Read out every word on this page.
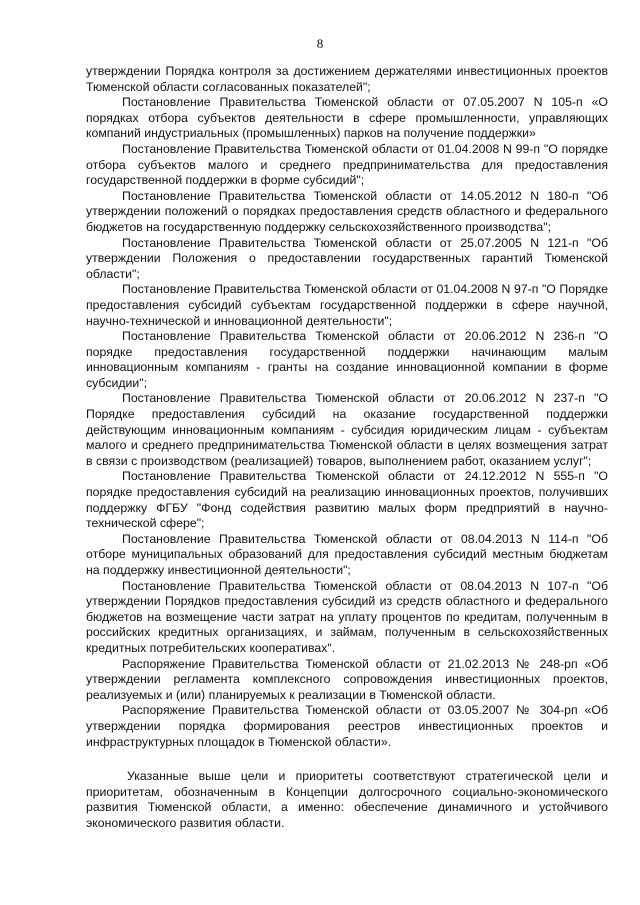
8

утверждении Порядка контроля за достижением держателями инвестиционных проектов Тюменской области согласованных показателей";

Постановление Правительства Тюменской области от 07.05.2007 N 105-п «О порядках отбора субъектов деятельности в сфере промышленности, управляющих компаний индустриальных (промышленных) парков на получение поддержки»

Постановление Правительства Тюменской области от 01.04.2008 N 99-п "О порядке отбора субъектов малого и среднего предпринимательства для предоставления государственной поддержки в форме субсидий";

Постановление Правительства Тюменской области от 14.05.2012 N 180-п "Об утверждении положений о порядках предоставления средств областного и федерального бюджетов на государственную поддержку сельскохозяйственного производства";

Постановление Правительства Тюменской области от 25.07.2005 N 121-п "Об утверждении Положения о предоставлении государственных гарантий Тюменской области";

Постановление Правительства Тюменской области от 01.04.2008 N 97-п "О Порядке предоставления субсидий субъектам государственной поддержки в сфере научной, научно-технической и инновационной деятельности";

Постановление Правительства Тюменской области от 20.06.2012 N 236-п "О порядке предоставления государственной поддержки начинающим малым инновационным компаниям - гранты на создание инновационной компании в форме субсидии";

Постановление Правительства Тюменской области от 20.06.2012 N 237-п "О Порядке предоставления субсидий на оказание государственной поддержки действующим инновационным компаниям - субсидия юридическим лицам - субъектам малого и среднего предпринимательства Тюменской области в целях возмещения затрат в связи с производством (реализацией) товаров, выполнением работ, оказанием услуг";

Постановление Правительства Тюменской области от 24.12.2012 N 555-п "О порядке предоставления субсидий на реализацию инновационных проектов, получивших поддержку ФГБУ "Фонд содействия развитию малых форм предприятий в научно-технической сфере";

Постановление Правительства Тюменской области от 08.04.2013 N 114-п "Об отборе муниципальных образований для предоставления субсидий местным бюджетам на поддержку инвестиционной деятельности";

Постановление Правительства Тюменской области от 08.04.2013 N 107-п "Об утверждении Порядков предоставления субсидий из средств областного и федерального бюджетов на возмещение части затрат на уплату процентов по кредитам, полученным в российских кредитных организациях, и займам, полученным в сельскохозяйственных кредитных потребительских кооперативах".

Распоряжение Правительства Тюменской области от 21.02.2013 № 248-рп «Об утверждении регламента комплексного сопровождения инвестиционных проектов, реализуемых и (или) планируемых к реализации в Тюменской области.

Распоряжение Правительства Тюменской области от 03.05.2007 № 304-рп «Об утверждении порядка формирования реестров инвестиционных проектов и инфраструктурных площадок в Тюменской области».

Указанные выше цели и приоритеты соответствуют стратегической цели и приоритетам, обозначенным в Концепции долгосрочного социально-экономического развития Тюменской области, а именно: обеспечение динамичного и устойчивого экономического развития области.
